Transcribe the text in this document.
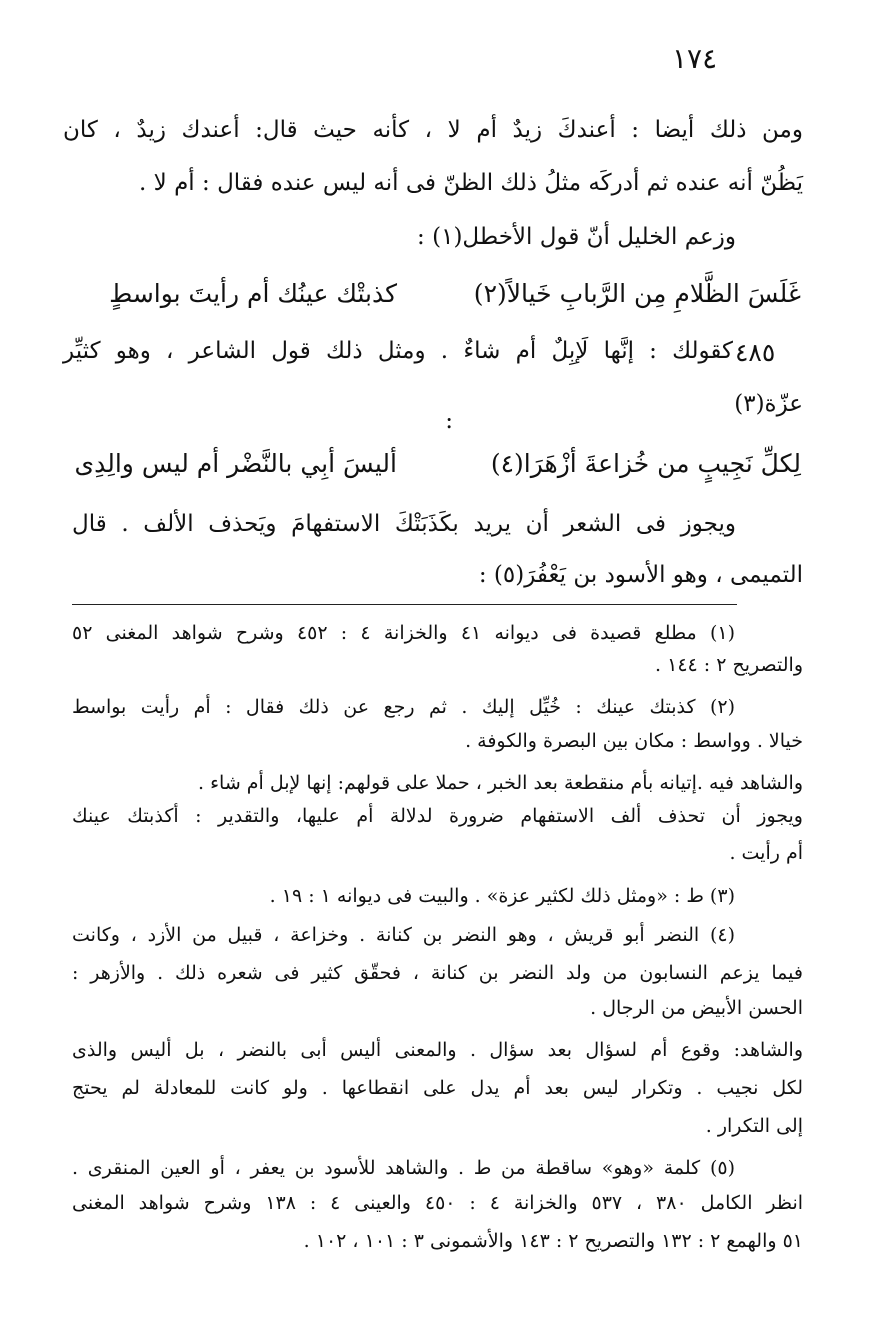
١٧٤
ومن ذلك أيضا : أعندكَ زيدٌ أم لا ، كأنه حيث قال: أعندك زيدٌ ، كان
يَظُنّ أنه عنده ثم أدركَه مثلُ ذلك الظنّ فى أنه ليس عنده فقال : أم لا .
وزعم الخليل أنّ قول الأخطل(١) :
كذبتْك عينُك أم رأيتَ بواسطٍ	غَلَسَ الظَّلامِ مِن الرَّبابِ خَيالاً(٢)
٤٨٥
كقولك : إنَّها لَإبِلٌ أم شاءٌ . ومثل ذلك قول الشاعر ، وهو كثيِّر
عزّة(٣)
:
أليسَ أبِي بالنَّضْر أم ليس والِدِى	لِكلِّ نَجِيبٍ من خُزاعةَ أزْهَرَا(٤)
ويجوز فى الشعر أن يريد بكَذَبَتْكَ الاستفهامَ ويَحذف الألف . قال
التميمى ، وهو الأسود بن يَعْفُرَ(٥) :
(١) مطلع قصيدة فى ديوانه ٤١ والخزانة ٤ : ٤٥٢ وشرح شواهد المغنى ٥٢
والتصريح ٢ : ١٤٤ .
(٢) كذبتك عينك : خُيِّل إليك . ثم رجع عن ذلك فقال : أم رأيت بواسط
خيالا . وواسط : مكان بين البصرة والكوفة .
والشاهد فيه .إتيانه بأم منقطعة بعد الخبر ، حملا على قولهم: إنها لإبل أم شاء .
ويجوز أن تحذف ألف الاستفهام ضرورة لدلالة أم عليها، والتقدير : أكذبتك عينك
أم رأيت .
(٣) ط : «ومثل ذلك لكثير عزة» . والبيت فى ديوانه ١ : ١٩ .
(٤) النضر أبو قريش ، وهو النضر بن كنانة . وخزاعة ، قبيل من الأزد ، وكانت
فيما يزعم النسابون من ولد النضر بن كنانة ، فحقّق كثير فى شعره ذلك . والأزهر :
الحسن الأبيض من الرجال .
والشاهد: وقوع أم لسؤال بعد سؤال . والمعنى أليس أبى بالنضر ، بل أليس والذى
لكل نجيب . وتكرار ليس بعد أم يدل على انقطاعها . ولو كانت للمعادلة لم يحتج
إلى التكرار .
(٥) كلمة «وهو» ساقطة من ط . والشاهد للأسود بن يعفر ، أو العين المنقرى .
انظر الكامل ٣٨٠ ، ٥٣٧ والخزانة ٤ : ٤٥٠ والعينى ٤ : ١٣٨ وشرح شواهد المغنى
٥١ والهمع ٢ : ١٣٢ والتصريح ٢ : ١٤٣ والأشمونى ٣ : ١٠١ ، ١٠٢ .
